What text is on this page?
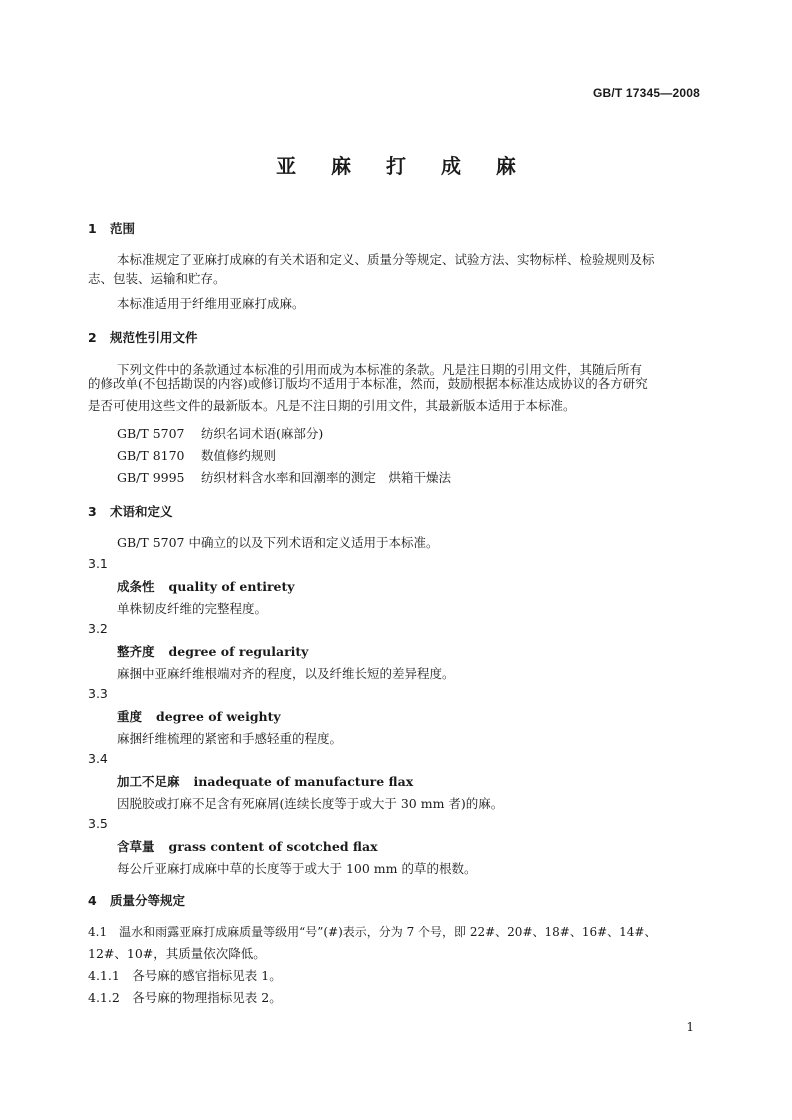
GB/T 17345—2008
亚 麻 打 成 麻
1 范围
本标准规定了亚麻打成麻的有关术语和定义、质量分等规定、试验方法、实物标样、检验规则及标
志、包装、运输和贮存。
本标准适用于纤维用亚麻打成麻。
2 规范性引用文件
下列文件中的条款通过本标准的引用而成为本标准的条款。凡是注日期的引用文件，其随后所有
的修改单(不包括勘误的内容)或修订版均不适用于本标准，然而，鼓励根据本标准达成协议的各方研究
是否可使用这些文件的最新版本。凡是不注日期的引用文件，其最新版本适用于本标准。
GB/T 5707 纺织名词术语(麻部分)
GB/T 8170 数值修约规则
GB/T 9995 纺织材料含水率和回潮率的测定　烘箱干燥法
3 术语和定义
GB/T 5707 中确立的以及下列术语和定义适用于本标准。
3.1
成条性 quality of entirety
单株韧皮纤维的完整程度。
3.2
整齐度 degree of regularity
麻捆中亚麻纤维根端对齐的程度，以及纤维长短的差异程度。
3.3
重度 degree of weighty
麻捆纤维梳理的紧密和手感轻重的程度。
3.4
加工不足麻 inadequate of manufacture flax
因脱胶或打麻不足含有死麻屑(连续长度等于或大于 30 mm 者)的麻。
3.5
含草量 grass content of scotched flax
每公斤亚麻打成麻中草的长度等于或大于 100 mm 的草的根数。
4 质量分等规定
4.1　温水和雨露亚麻打成麻质量等级用“号”(#)表示，分为 7 个号，即 22#、20#、18#、16#、14#、
12#、10#，其质量依次降低。
4.1.1　各号麻的感官指标见表 1。
4.1.2　各号麻的物理指标见表 2。
1
